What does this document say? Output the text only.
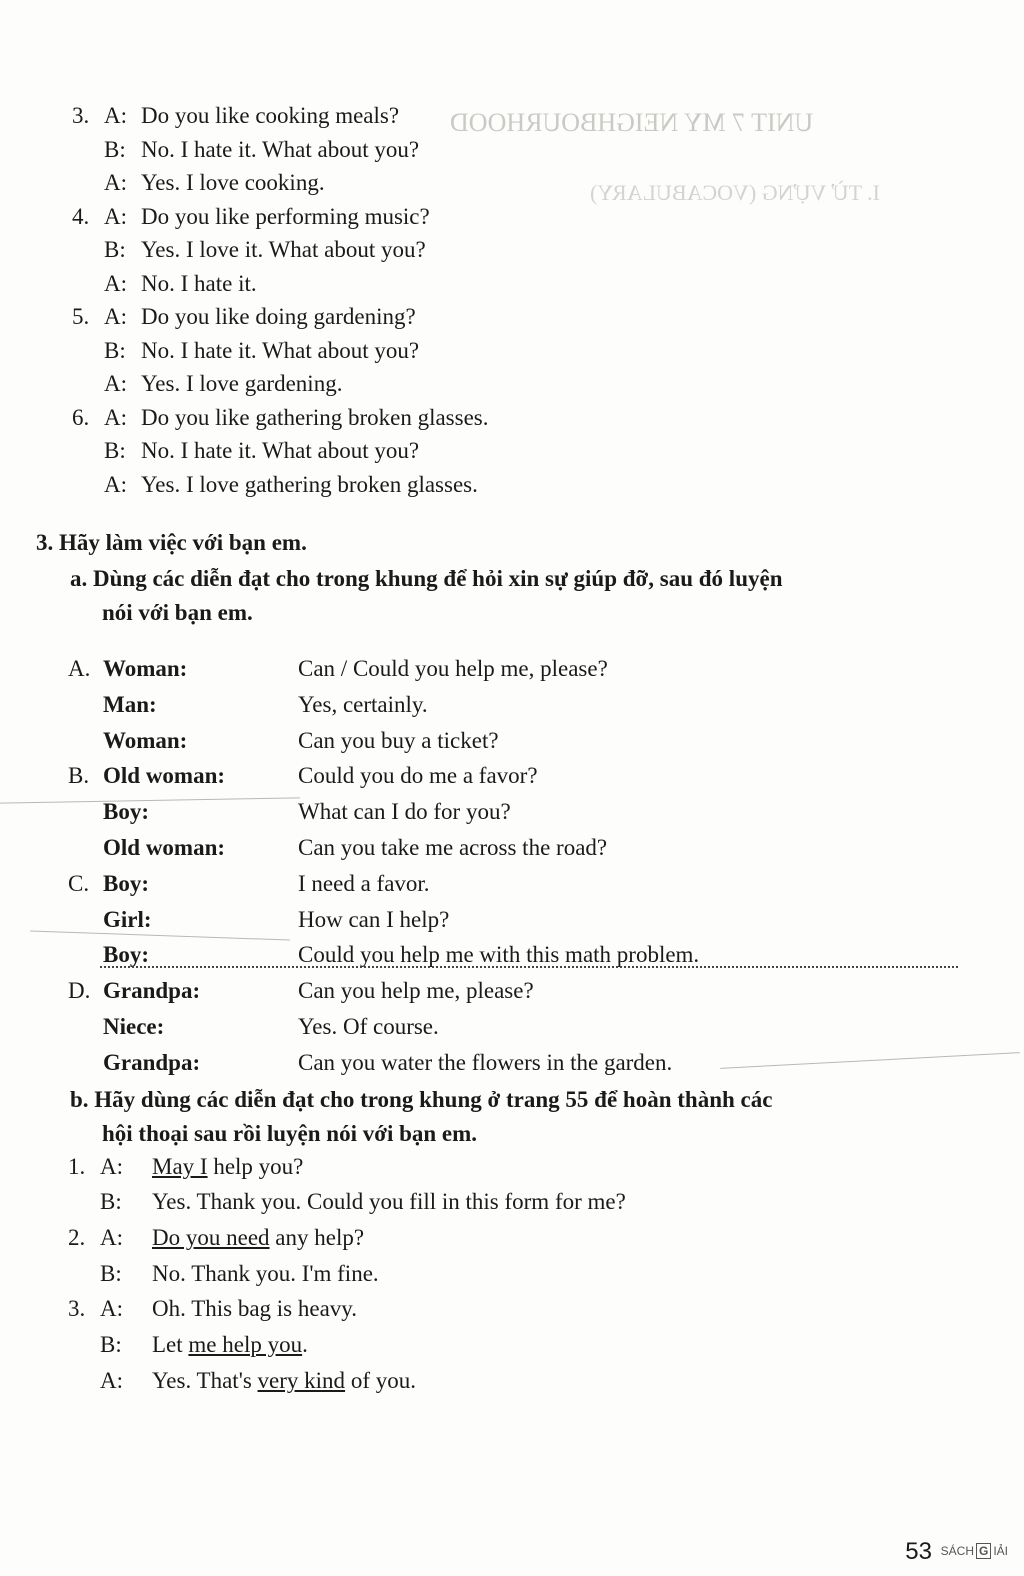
UNIT 7 MY NEIGHBOURHOOD
I. TỪ VỰNG (VOCABULARY)
3. A: Do you like cooking meals?
B: No. I hate it. What about you?
A: Yes. I love cooking.
4. A: Do you like performing music?
B: Yes. I love it. What about you?
A: No. I hate it.
5. A: Do you like doing gardening?
B: No. I hate it. What about you?
A: Yes. I love gardening.
6. A: Do you like gathering broken glasses.
B: No. I hate it. What about you?
A: Yes. I love gathering broken glasses.
3. Hãy làm việc với bạn em.
a. Dùng các diễn đạt cho trong khung để hỏi xin sự giúp đỡ, sau đó luyện
nói với bạn em.
A. Woman:	Can / Could you help me, please?
Man:	Yes, certainly.
Woman:	Can you buy a ticket?
B. Old woman:	Could you do me a favor?
Boy:	What can I do for you?
Old woman:	Can you take me across the road?
C. Boy:	I need a favor.
Girl:	How can I help?
Boy:	Could you help me with this math problem.
D. Grandpa:	Can you help me, please?
Niece:	Yes. Of course.
Grandpa:	Can you water the flowers in the garden.
b. Hãy dùng các diễn đạt cho trong khung ở trang 55 để hoàn thành các
hội thoại sau rồi luyện nói với bạn em.
1. A: May I help you?
B: Yes. Thank you. Could you fill in this form for me?
2. A: Do you need any help?
B: No. Thank you. I'm fine.
3. A: Oh. This bag is heavy.
B: Let me help you.
A: Yes. That's very kind of you.
53 SÁCH G IẢI
